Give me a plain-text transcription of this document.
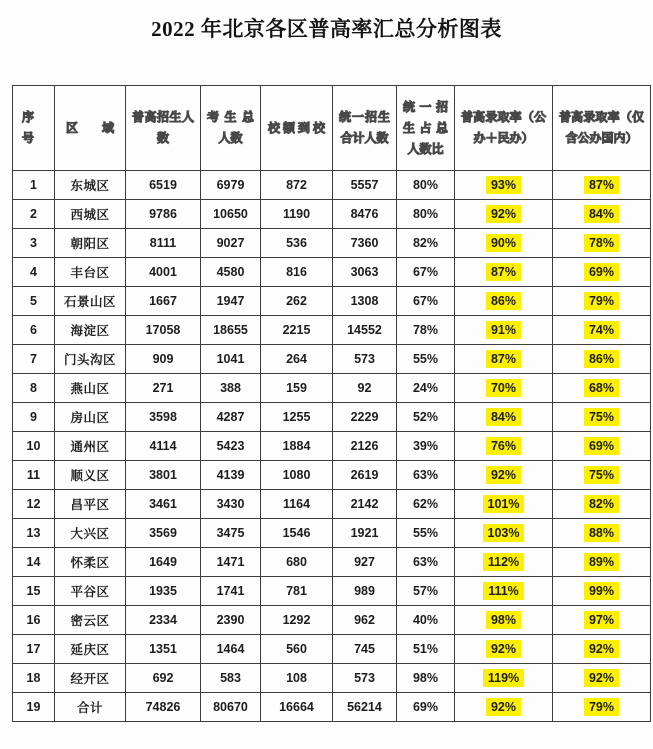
2022 年北京各区普高率汇总分析图表
序号	区域	普高招生人数	考生总人数	校额到校	统一招生合计人数	统一招生占总人数比	普高录取率（公办＋民办）	普高录取率（仅含公办国内）
1	东城区	6519	6979	872	5557	80%	93%	87%
2	西城区	9786	10650	1190	8476	80%	92%	84%
3	朝阳区	8111	9027	536	7360	82%	90%	78%
4	丰台区	4001	4580	816	3063	67%	87%	69%
5	石景山区	1667	1947	262	1308	67%	86%	79%
6	海淀区	17058	18655	2215	14552	78%	91%	74%
7	门头沟区	909	1041	264	573	55%	87%	86%
8	燕山区	271	388	159	92	24%	70%	68%
9	房山区	3598	4287	1255	2229	52%	84%	75%
10	通州区	4114	5423	1884	2126	39%	76%	69%
11	顺义区	3801	4139	1080	2619	63%	92%	75%
12	昌平区	3461	3430	1164	2142	62%	101%	82%
13	大兴区	3569	3475	1546	1921	55%	103%	88%
14	怀柔区	1649	1471	680	927	63%	112%	89%
15	平谷区	1935	1741	781	989	57%	111%	99%
16	密云区	2334	2390	1292	962	40%	98%	97%
17	延庆区	1351	1464	560	745	51%	92%	92%
18	经开区	692	583	108	573	98%	119%	92%
19	合计	74826	80670	16664	56214	69%	92%	79%
